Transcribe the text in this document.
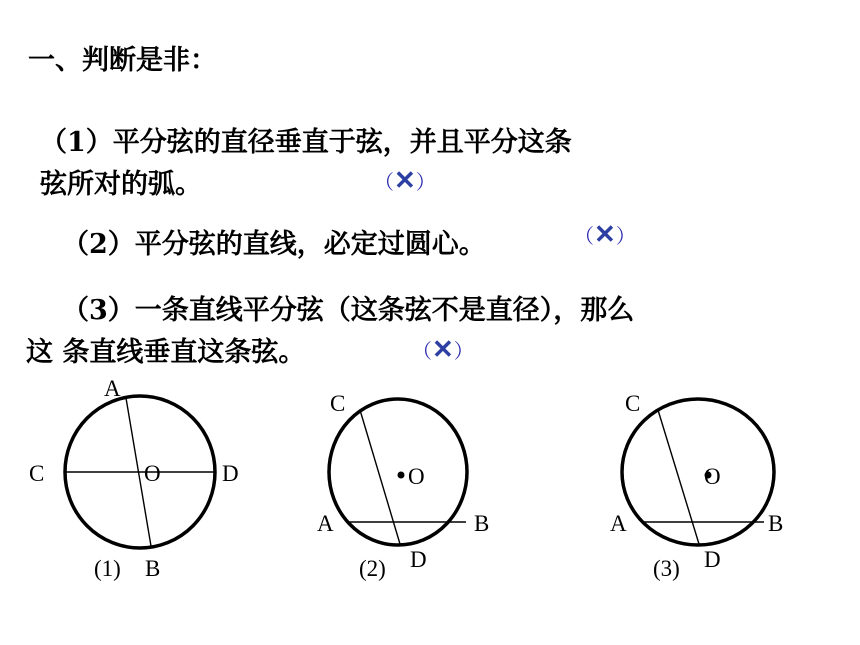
一、判断是非：
（1）平分弦的直径垂直于弦，并且平分这条
弦所对的弧。	（✕）
（2）平分弦的直线，必定过圆心。	（✕）
（3）一条直线平分弦（这条弦不是直径），那么
这 条直线垂直这条弦。	（✕）
A
C	O	D
B
(1)
O
C
A	B
D
(2)
O
C
A	B
D
(3)
